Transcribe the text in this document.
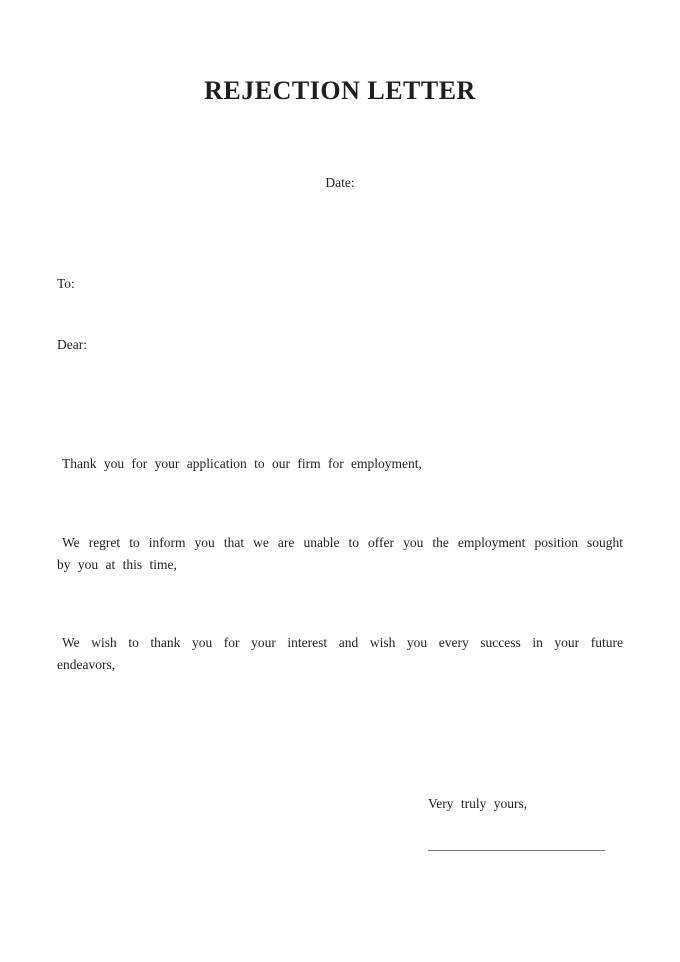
REJECTION LETTER
Date:
To:
Dear:
Thank you for your application to our firm for employment,
We regret to inform you that we are unable to offer you the employment position sought
by you at this time,
We wish to thank you for your interest and wish you every success in your future
endeavors,
Very truly yours,
